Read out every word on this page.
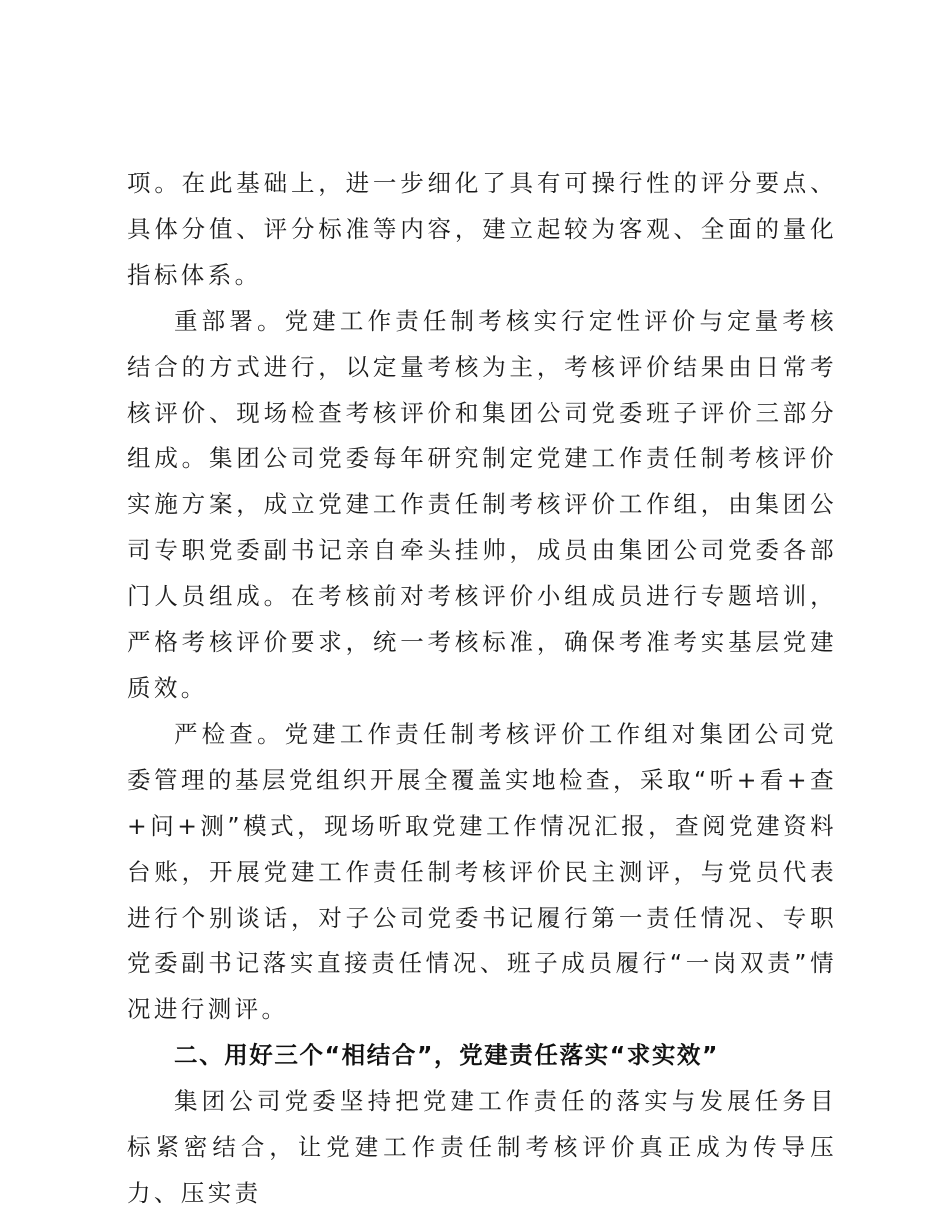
项。在此基础上，进一步细化了具有可操行性的评分要点、具体分值、评分标准等内容，建立起较为客观、全面的量化指标体系。

重部署。党建工作责任制考核实行定性评价与定量考核结合的方式进行，以定量考核为主，考核评价结果由日常考核评价、现场检查考核评价和集团公司党委班子评价三部分组成。集团公司党委每年研究制定党建工作责任制考核评价实施方案，成立党建工作责任制考核评价工作组，由集团公司专职党委副书记亲自牵头挂帅，成员由集团公司党委各部门人员组成。在考核前对考核评价小组成员进行专题培训，严格考核评价要求，统一考核标准，确保考准考实基层党建质效。

严检查。党建工作责任制考核评价工作组对集团公司党委管理的基层党组织开展全覆盖实地检查，采取“听+看+查+问+测”模式，现场听取党建工作情况汇报，查阅党建资料台账，开展党建工作责任制考核评价民主测评，与党员代表进行个别谈话，对子公司党委书记履行第一责任情况、专职党委副书记落实直接责任情况、班子成员履行“一岗双责”情况进行测评。

二、用好三个“相结合”，党建责任落实“求实效”

集团公司党委坚持把党建工作责任的落实与发展任务目标紧密结合，让党建工作责任制考核评价真正成为传导压力、压实责
